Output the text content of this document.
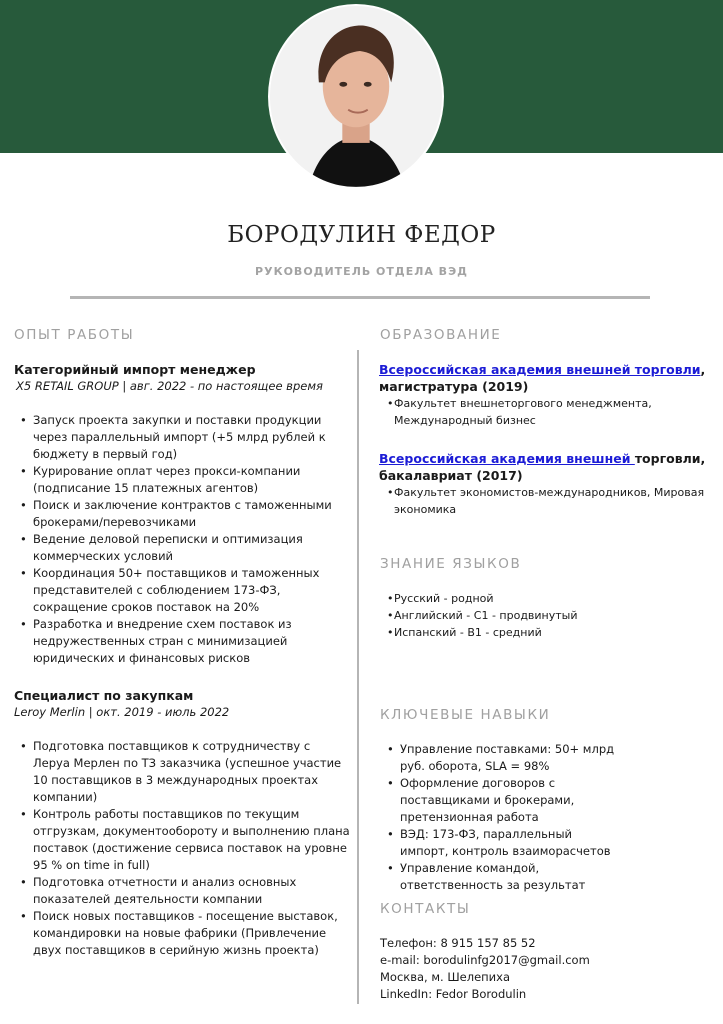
БОРОДУЛИН ФЕДОР
РУКОВОДИТЕЛЬ ОТДЕЛА ВЭД
ОПЫТ РАБОТЫ
Категорийный импорт менеджер
X5 RETAIL GROUP | авг. 2022 - по настоящее время
• Запуск проекта закупки и поставки продукции через параллельный импорт (+5 млрд рублей к бюджету в первый год)
• Курирование оплат через прокси-компании (подписание 15 платежных агентов)
• Поиск и заключение контрактов с таможенными брокерами/перевозчиками
• Ведение деловой переписки и оптимизация коммерческих условий
• Координация 50+ поставщиков и таможенных представителей с соблюдением 173-ФЗ, сокращение сроков поставок на 20%
• Разработка и внедрение схем поставок из недружественных стран с минимизацией юридических и финансовых рисков
Специалист по закупкам
Leroy Merlin | окт. 2019 - июль 2022
• Подготовка поставщиков к сотрудничеству с Леруа Мерлен по ТЗ заказчика (успешное участие 10 поставщиков в 3 международных проектах компании)
• Контроль работы поставщиков по текущим отгрузкам, документообороту и выполнению плана поставок (достижение сервиса поставок на уровне 95 % on time in full)
• Подготовка отчетности и анализ основных показателей деятельности компании
• Поиск новых поставщиков - посещение выставок, командировки на новые фабрики (Привлечение двух поставщиков в серийную жизнь проекта)
ОБРАЗОВАНИЕ
Всероссийская академия внешней торговли,
магистратура (2019)
• Факультет внешнеторгового менеджмента, Международный бизнес
Всероссийская академия внешней торговли,
бакалавриат (2017)
• Факультет экономистов-международников, Мировая экономика
ЗНАНИЕ ЯЗЫКОВ
• Русский - родной
• Английский - С1 - продвинутый
• Испанский - В1 - средний
КЛЮЧЕВЫЕ НАВЫКИ
• Управление поставками: 50+ млрд руб. оборота, SLA = 98%
• Оформление договоров с поставщиками и брокерами, претензионная работа
• ВЭД: 173-ФЗ, параллельный импорт, контроль взаиморасчетов
• Управление командой, ответственность за результат
КОНТАКТЫ
Телефон: 8 915 157 85 52
e-mail: borodulinfg2017@gmail.com
Москва, м. Шелепиха
LinkedIn: Fedor Borodulin
